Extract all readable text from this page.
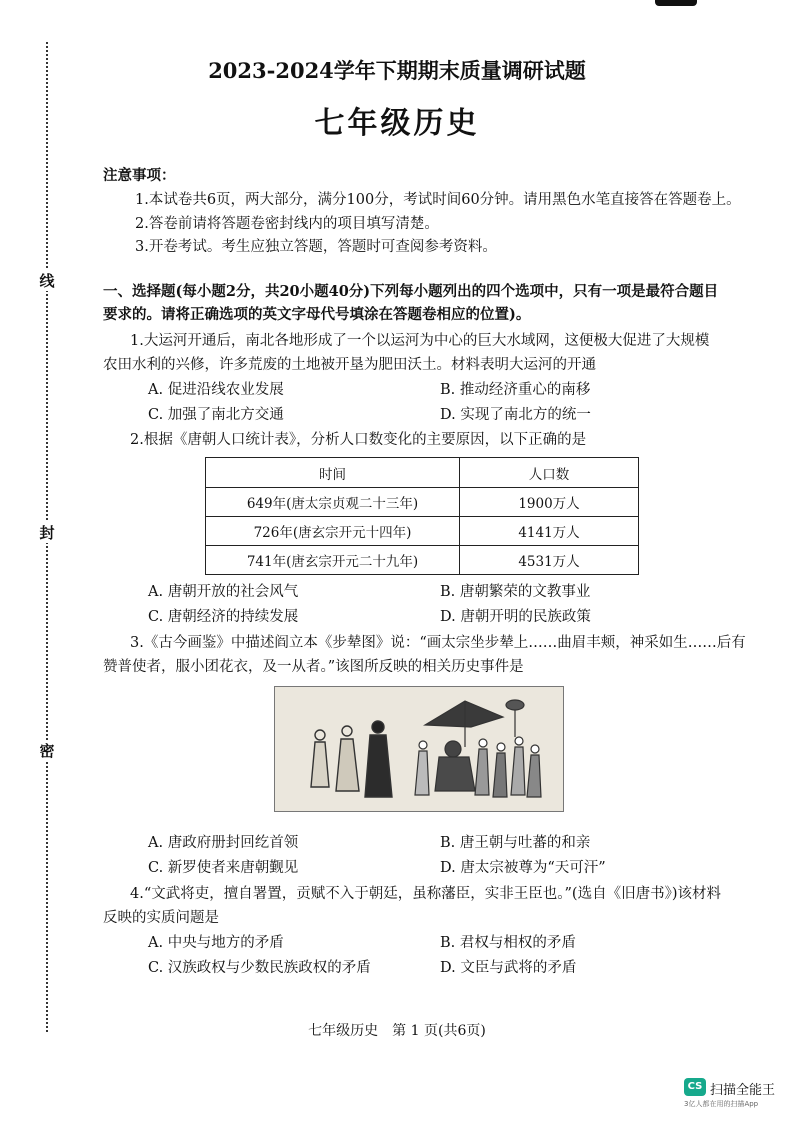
线
封
密
2023-2024学年下期期末质量调研试题
七年级历史
注意事项：
1.本试卷共6页，两大部分，满分100分，考试时间60分钟。请用黑色水笔直接答在答题卷上。
2.答卷前请将答题卷密封线内的项目填写清楚。
3.开卷考试。考生应独立答题，答题时可查阅参考资料。
一、选择题(每小题2分，共20小题40分)下列每小题列出的四个选项中，只有一项是最符合题目
要求的。请将正确选项的英文字母代号填涂在答题卷相应的位置)。
1.大运河开通后，南北各地形成了一个以运河为中心的巨大水域网，这便极大促进了大规模
农田水利的兴修，许多荒废的土地被开垦为肥田沃土。材料表明大运河的开通
A. 促进沿线农业发展	B. 推动经济重心的南移
C. 加强了南北方交通	D. 实现了南北方的统一
2.根据《唐朝人口统计表》，分析人口数变化的主要原因，以下正确的是
时间	人口数
649年(唐太宗贞观二十三年)	1900万人
726年(唐玄宗开元十四年)	4141万人
741年(唐玄宗开元二十九年)	4531万人
A. 唐朝开放的社会风气	B. 唐朝繁荣的文教事业
C. 唐朝经济的持续发展	D. 唐朝开明的民族政策
3.《古今画鉴》中描述阎立本《步辇图》说：“画太宗坐步辇上……曲眉丰颊，神采如生……后有
赞普使者，服小团花衣，及一从者。”该图所反映的相关历史事件是
A. 唐政府册封回纥首领	B. 唐王朝与吐蕃的和亲
C. 新罗使者来唐朝觐见	D. 唐太宗被尊为“天可汗”
4.“文武将吏，擅自署置，贡赋不入于朝廷，虽称藩臣，实非王臣也。”(选自《旧唐书》)该材料
反映的实质问题是
A. 中央与地方的矛盾	B. 君权与相权的矛盾
C. 汉族政权与少数民族政权的矛盾	D. 文臣与武将的矛盾
七年级历史　第 1 页(共6页)
CS 扫描全能王
3亿人都在用的扫描App
